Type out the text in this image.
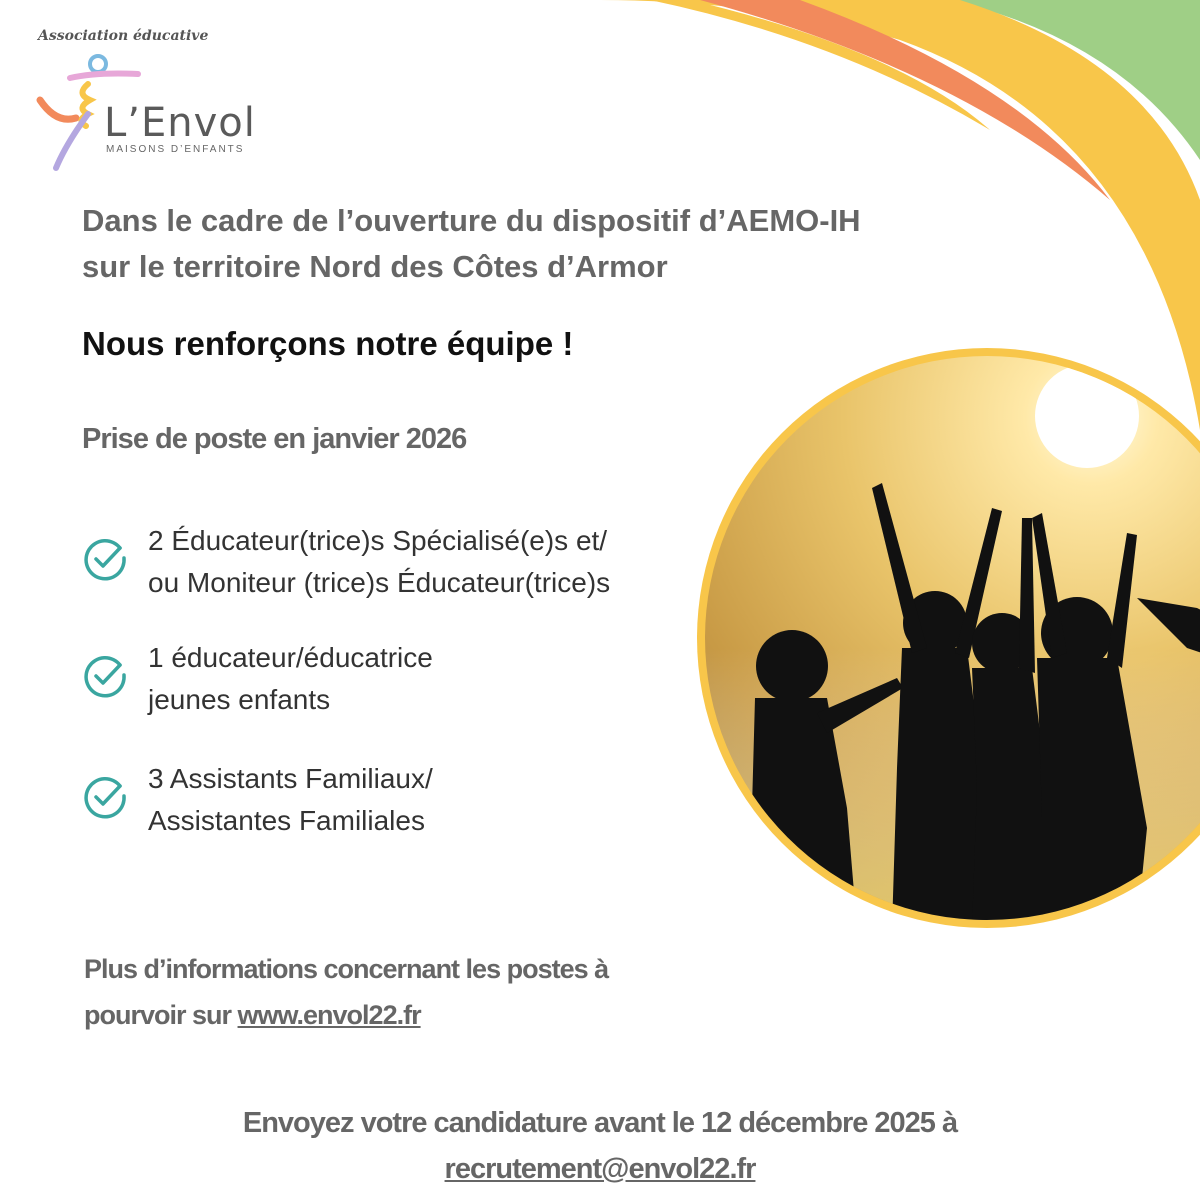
Association éducative
L’Envol
MAISONS D’ENFANTS
Dans le cadre de l’ouverture du dispositif d’AEMO-IH
sur le territoire Nord des Côtes d’Armor
Nous renforçons notre équipe !
Prise de poste en janvier 2026
2 Éducateur(trice)s Spécialisé(e)s et/
ou Moniteur (trice)s Éducateur(trice)s
1 éducateur/éducatrice
jeunes enfants
3 Assistants Familiaux/
Assistantes Familiales
Plus d’informations concernant les postes à
pourvoir sur www.envol22.fr
Envoyez votre candidature avant le 12 décembre 2025 à
recrutement@envol22.fr
